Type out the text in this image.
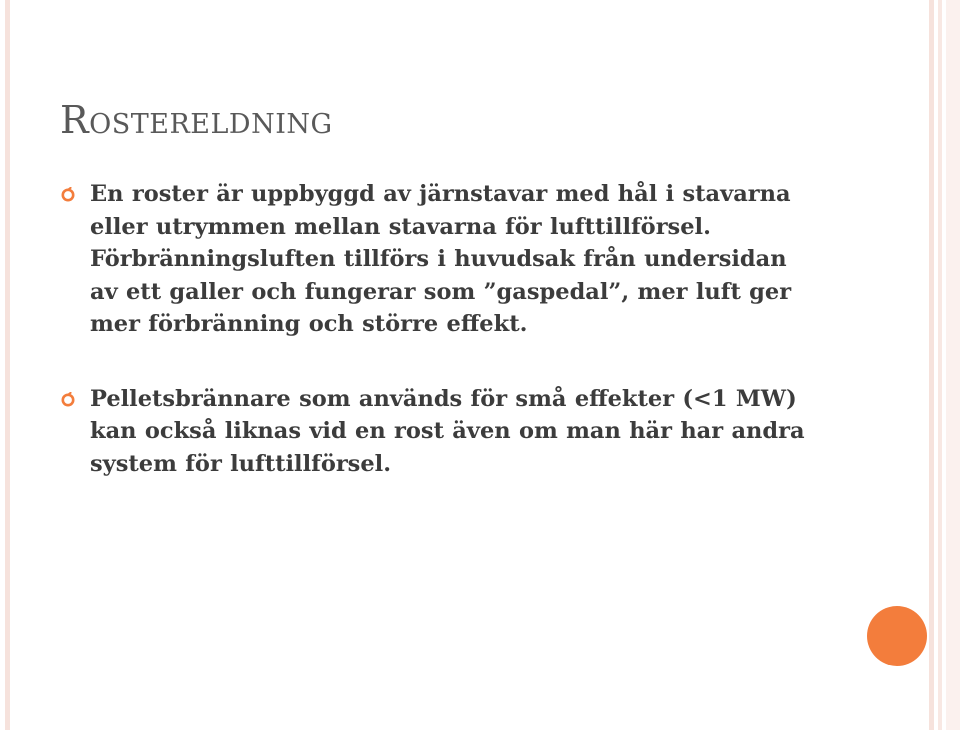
Rostereldning
En roster är uppbyggd av järnstavar med hål i stavarna eller utrymmen mellan stavarna för lufttillförsel. Förbränningsluften tillförs i huvudsak från undersidan av ett galler och fungerar som ”gaspedal”, mer luft ger mer förbränning och större effekt.
Pelletsbrännare som används för små effekter (<1 MW) kan också liknas vid en rost även om man här har andra system för lufttillförsel.
